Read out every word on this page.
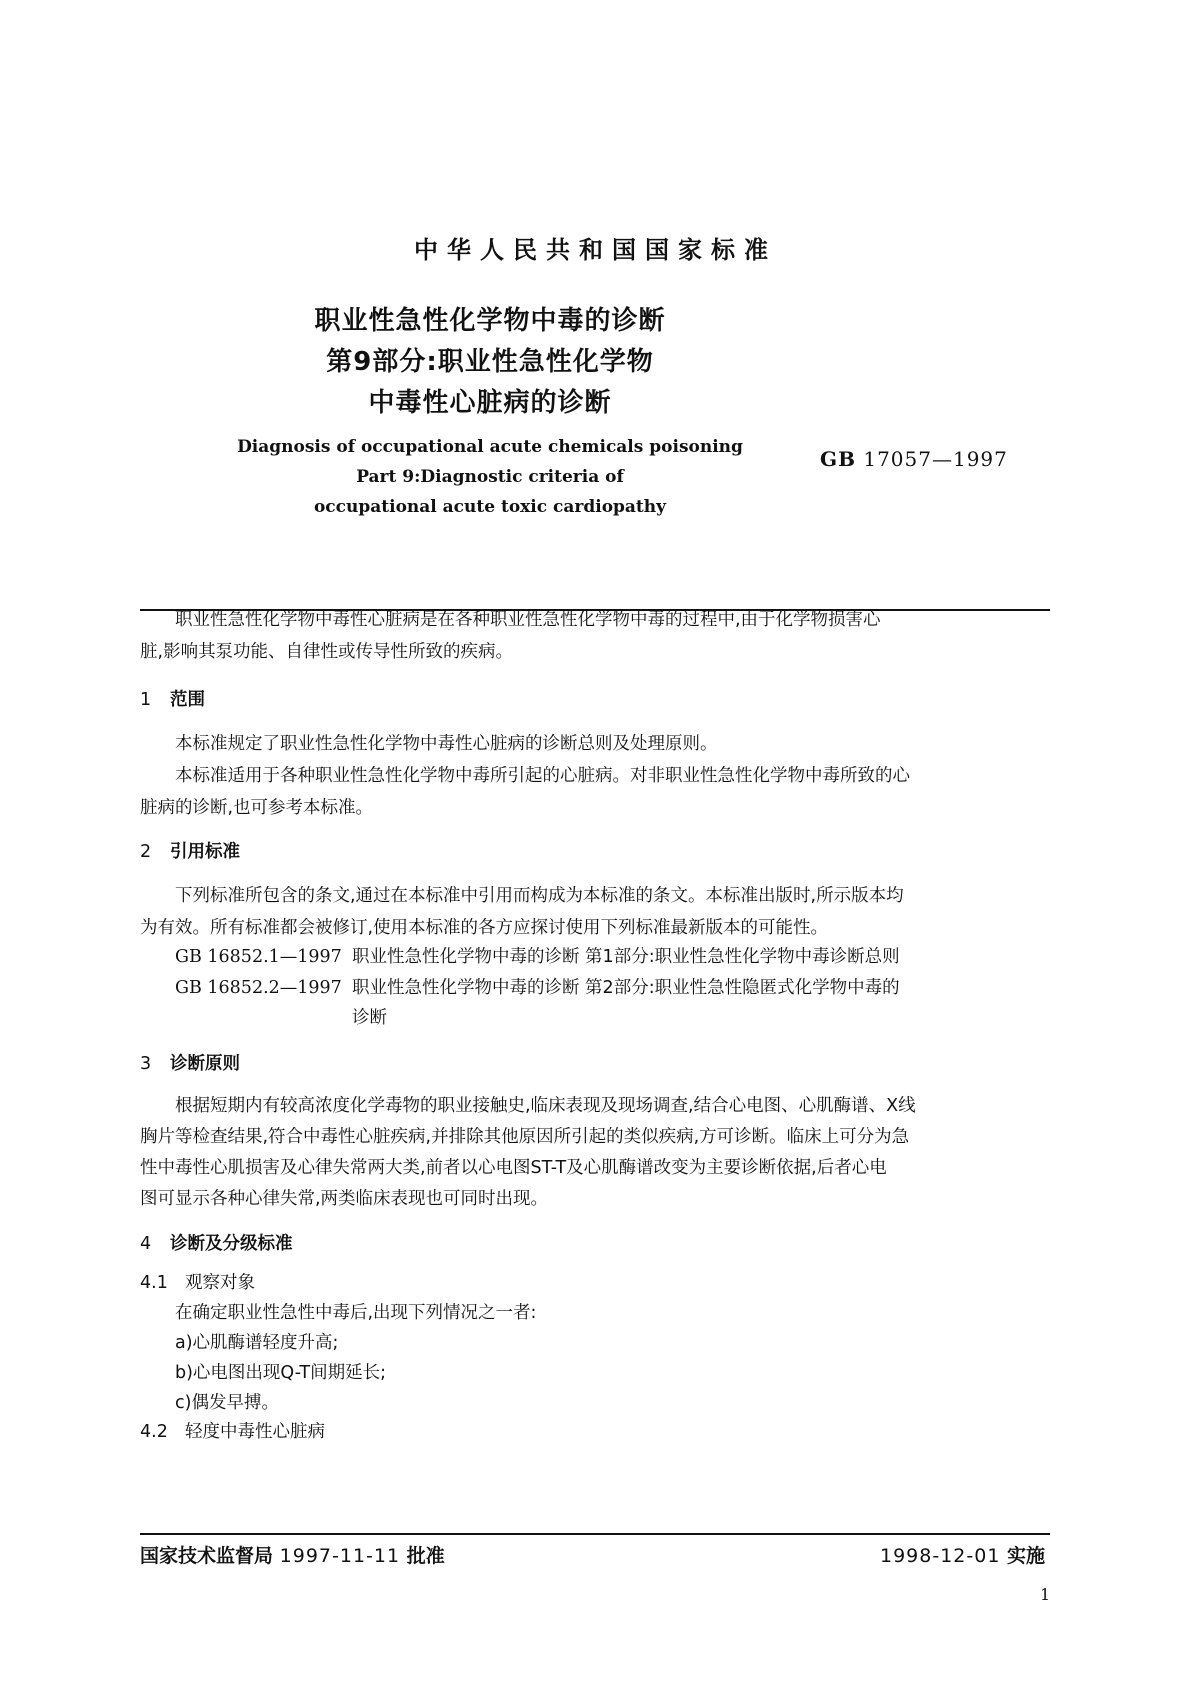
中华人民共和国国家标准
职业性急性化学物中毒的诊断
第9部分:职业性急性化学物
中毒性心脏病的诊断
GB 17057—1997
Diagnosis of occupational acute chemicals poisoning
Part 9:Diagnostic criteria of
occupational acute toxic cardiopathy
职业性急性化学物中毒性心脏病是在各种职业性急性化学物中毒的过程中,由于化学物损害心
脏,影响其泵功能、自律性或传导性所致的疾病。
1 范围
本标准规定了职业性急性化学物中毒性心脏病的诊断总则及处理原则。
本标准适用于各种职业性急性化学物中毒所引起的心脏病。对非职业性急性化学物中毒所致的心
脏病的诊断,也可参考本标准。
2 引用标准
下列标准所包含的条文,通过在本标准中引用而构成为本标准的条文。本标准出版时,所示版本均
为有效。所有标准都会被修订,使用本标准的各方应探讨使用下列标准最新版本的可能性。
GB 16852.1—1997 职业性急性化学物中毒的诊断 第1部分:职业性急性化学物中毒诊断总则
GB 16852.2—1997 职业性急性化学物中毒的诊断 第2部分:职业性急性隐匿式化学物中毒的
诊断
3 诊断原则
根据短期内有较高浓度化学毒物的职业接触史,临床表现及现场调查,结合心电图、心肌酶谱、X线
胸片等检查结果,符合中毒性心脏疾病,并排除其他原因所引起的类似疾病,方可诊断。临床上可分为急
性中毒性心肌损害及心律失常两大类,前者以心电图ST-T及心肌酶谱改变为主要诊断依据,后者心电
图可显示各种心律失常,两类临床表现也可同时出现。
4 诊断及分级标准
4.1 观察对象
在确定职业性急性中毒后,出现下列情况之一者:
a)心肌酶谱轻度升高;
b)心电图出现Q-T间期延长;
c)偶发早搏。
4.2 轻度中毒性心脏病
国家技术监督局 1997-11-11 批准	1998-12-01 实施
1
